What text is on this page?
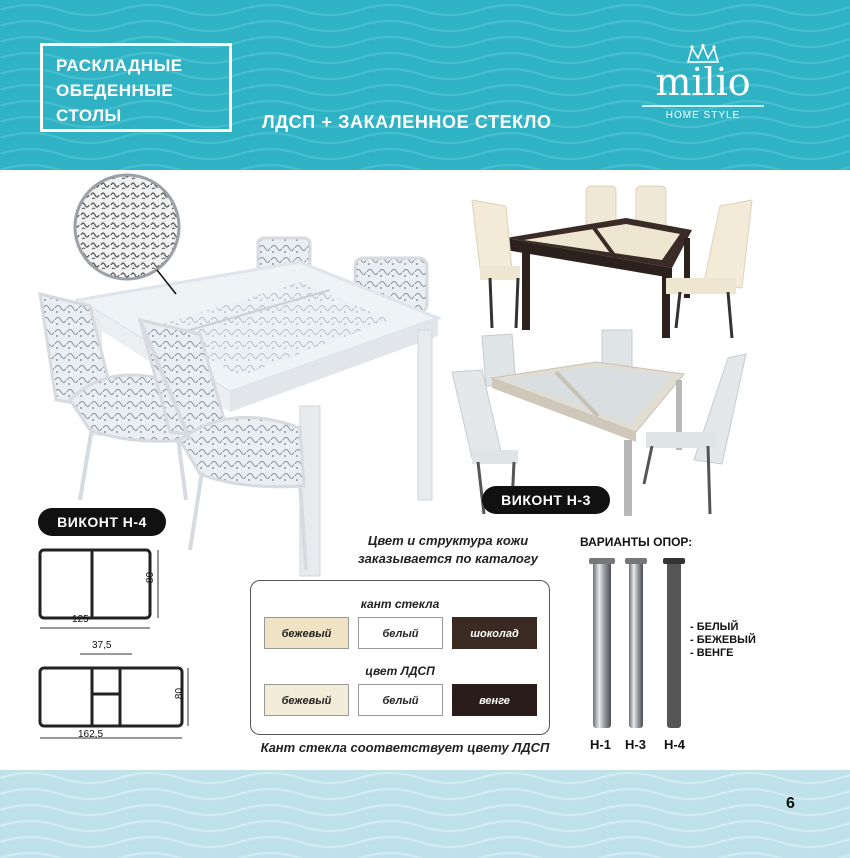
РАСКЛАДНЫЕ
ОБЕДЕННЫЕ
СТОЛЫ	ЛДСП + ЗАКАЛЕННОЕ СТЕКЛО
milio
HOME STYLE
ВИКОНТ Н-4
ВИКОНТ Н-3
80
125
37,5
80
162,5
Цвет и структура кожи
заказывается по каталогу
кант стекла
бежевый	белый	шоколад
цвет ЛДСП
бежевый	белый	венге
Кант стекла соответствует цвету ЛДСП
ВАРИАНТЫ ОПОР:
Н-1 Н-3 Н-4
- БЕЛЫЙ
- БЕЖЕВЫЙ
- ВЕНГЕ
6
